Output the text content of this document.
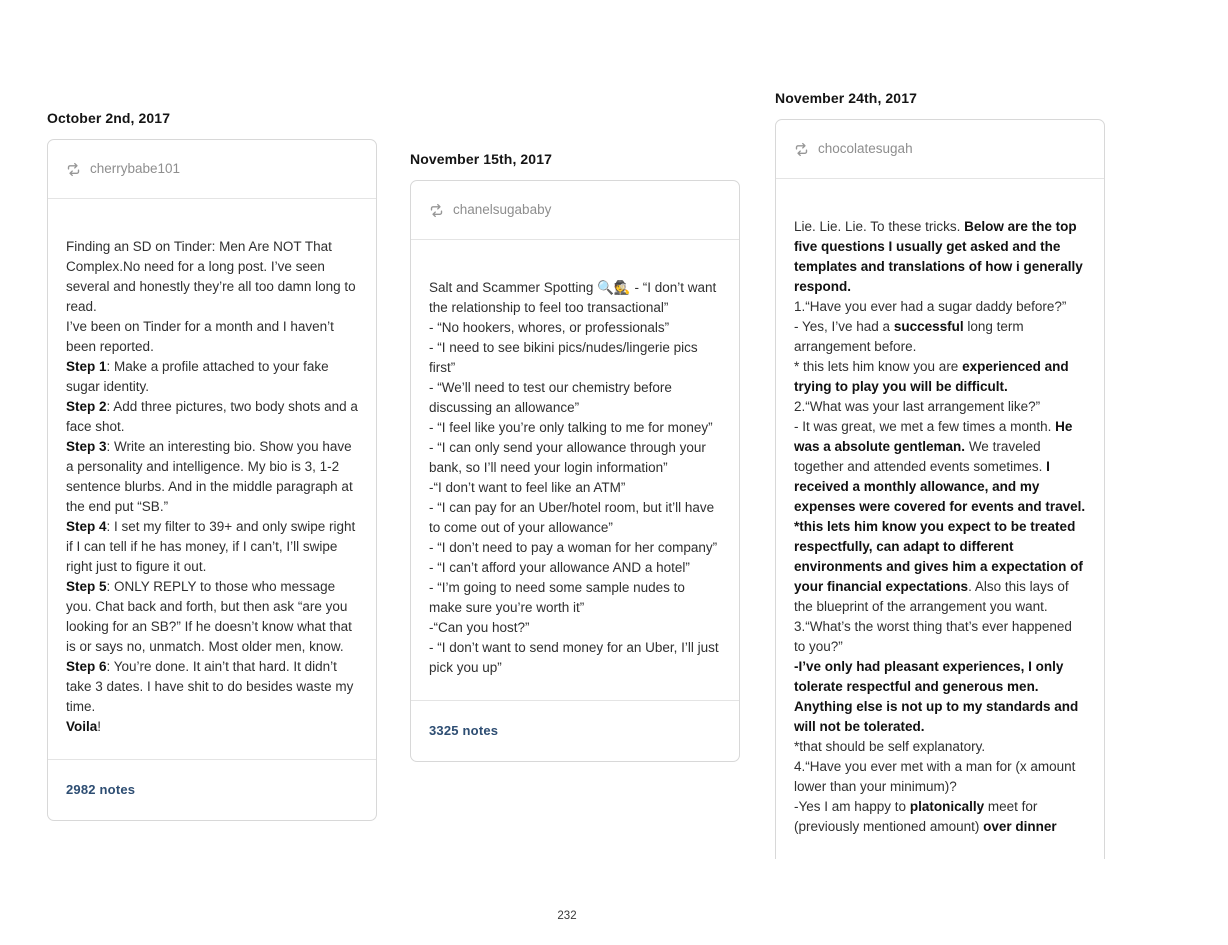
October 2nd, 2017
cherrybabe101
Finding an SD on Tinder: Men Are NOT That Complex.No need for a long post. I’ve seen several and honestly they’re all too damn long to read.
I’ve been on Tinder for a month and I haven’t been reported.
Step 1: Make a profile attached to your fake sugar identity.
Step 2: Add three pictures, two body shots and a face shot.
Step 3: Write an interesting bio. Show you have a personality and intelligence. My bio is 3, 1-2 sentence blurbs. And in the middle paragraph at the end put “SB.”
Step 4: I set my filter to 39+ and only swipe right if I can tell if he has money, if I can’t, I’ll swipe right just to figure it out.
Step 5: ONLY REPLY to those who message you. Chat back and forth, but then ask “are you looking for an SB?” If he doesn’t know what that is or says no, unmatch. Most older men, know.
Step 6: You’re done. It ain’t that hard. It didn’t take 3 dates. I have shit to do besides waste my time.
Voila!
2982 notes
November 15th, 2017
chanelsugababy
Salt and Scammer Spotting 🔍🕵️ - “I don’t want the relationship to feel too transactional”
- “No hookers, whores, or professionals”
- “I need to see bikini pics/nudes/lingerie pics first”
- “We’ll need to test our chemistry before discussing an allowance”
- “I feel like you’re only talking to me for money”
- “I can only send your allowance through your bank, so I’ll need your login information”
-“I don’t want to feel like an ATM”
- “I can pay for an Uber/hotel room, but it’ll have to come out of your allowance”
- “I don’t need to pay a woman for her company”
- “I can’t afford your allowance AND a hotel”
- “I’m going to need some sample nudes to make sure you’re worth it”
-“Can you host?”
- “I don’t want to send money for an Uber, I’ll just pick you up”
3325 notes
November 24th, 2017
chocolatesugah
Lie. Lie. Lie. To these tricks. Below are the top five questions I usually get asked and the templates and translations of how i generally respond.
1.“Have you ever had a sugar daddy before?”
- Yes, I’ve had a successful long term arrangement before.
* this lets him know you are experienced and trying to play you will be difficult.
2.“What was your last arrangement like?”
- It was great, we met a few times a month. He was a absolute gentleman. We traveled together and attended events sometimes. I received a monthly allowance, and my expenses were covered for events and travel.
*this lets him know you expect to be treated respectfully, can adapt to different environments and gives him a expectation of your financial expectations. Also this lays of the blueprint of the arrangement you want.
3.“What’s the worst thing that’s ever happened to you?”
-I’ve only had pleasant experiences, I only tolerate respectful and generous men. Anything else is not up to my standards and will not be tolerated.
*that should be self explanatory.
4.“Have you ever met with a man for (x amount lower than your minimum)?
-Yes I am happy to platonically meet for (previously mentioned amount) over dinner
232
